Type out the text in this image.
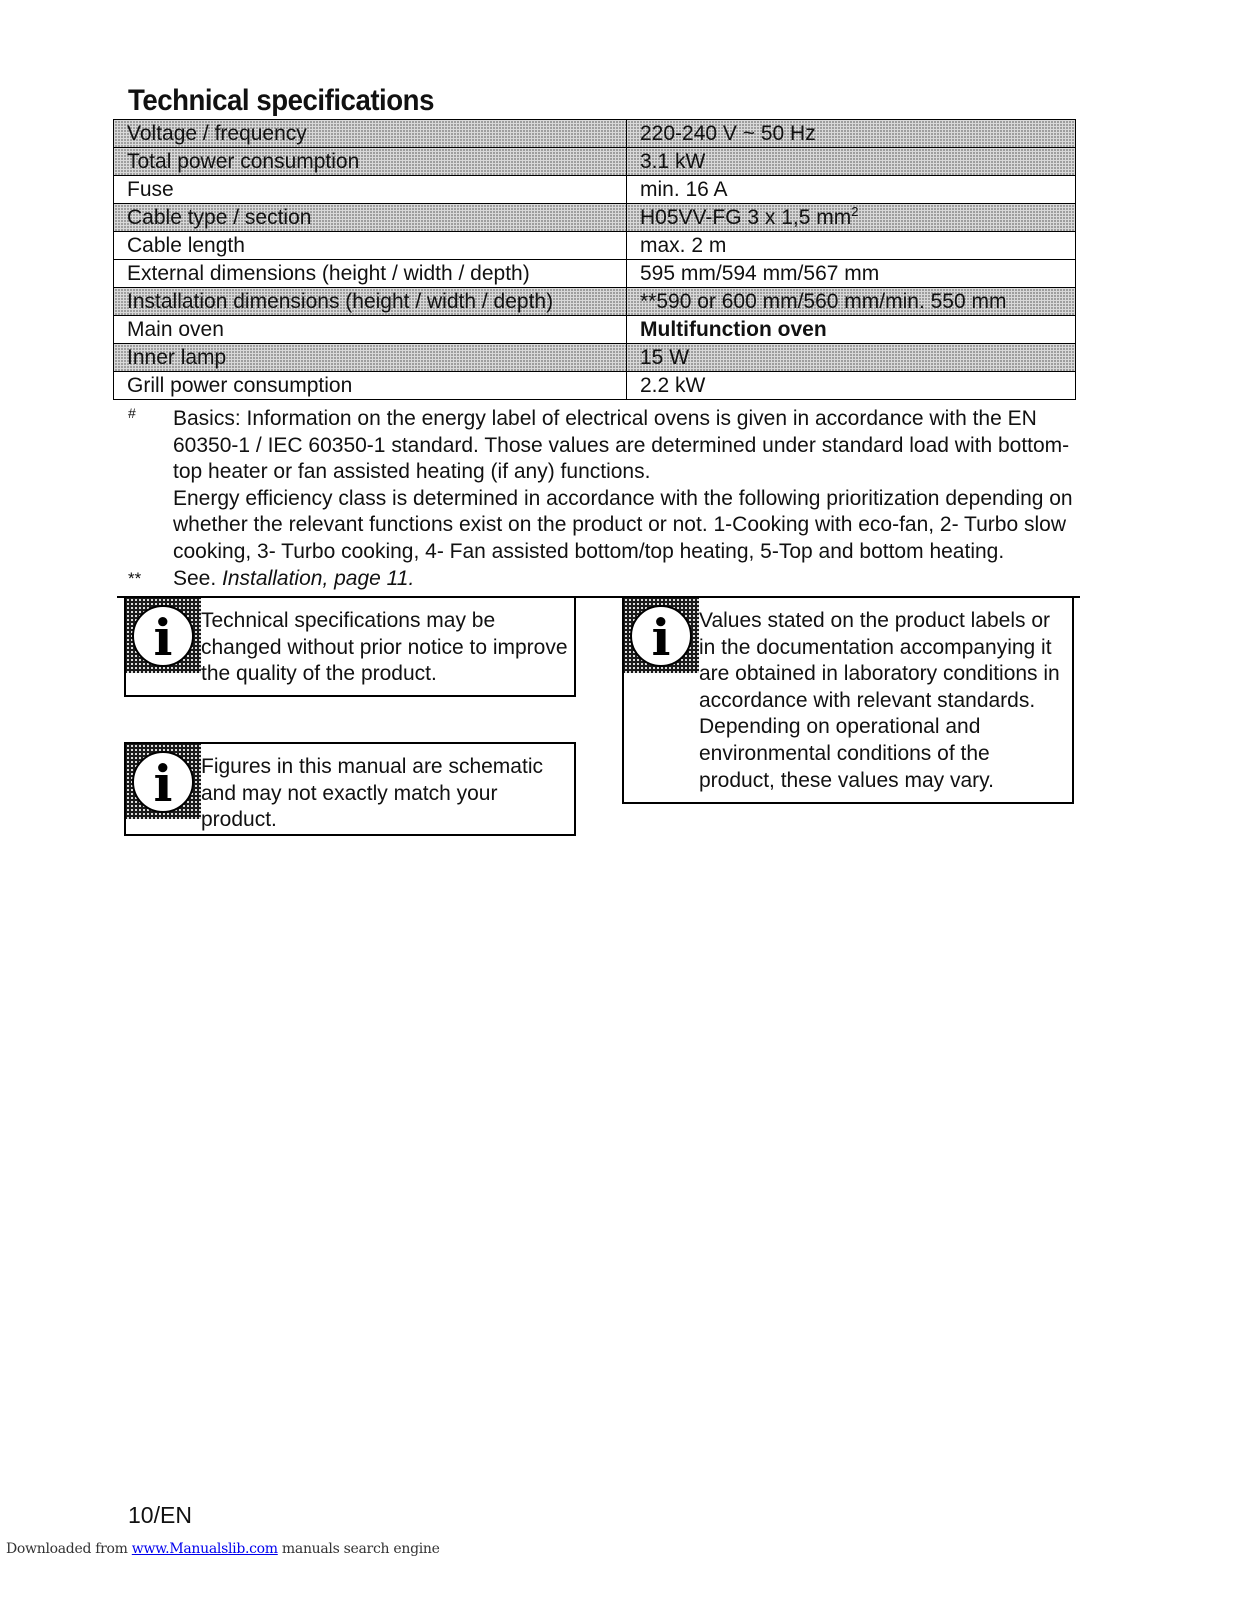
Technical specifications
Voltage / frequency	220-240 V ~ 50 Hz
Total power consumption	3.1 kW
Fuse	min. 16 A
Cable type / section	H05VV-FG 3 x 1,5 $mm^2$
Cable length	max. 2 m
External dimensions (height / width / depth)	595 mm/594 mm/567 mm
Installation dimensions (height / width / depth)	**590 or 600 mm/560 mm/min. 550 mm
Main oven	Multifunction oven
Inner lamp	15 W
Grill power consumption	2.2 kW
# Basics: Information on the energy label of electrical ovens is given in accordance with the EN 60350-1 / IEC 60350-1 standard. Those values are determined under standard load with bottom-top heater or fan assisted heating (if any) functions.

Energy efficiency class is determined in accordance with the following prioritization depending on whether the relevant functions exist on the product or not. 1-Cooking with eco-fan, 2- Turbo slow cooking, 3- Turbo cooking, 4- Fan assisted bottom/top heating, 5-Top and bottom heating.

** See. Installation, page 11.

i	Technical specifications may be changed without prior notice to improve the quality of the product.
i	Figures in this manual are schematic and may not exactly match your product.
i	Values stated on the product labels or in the documentation accompanying it are obtained in laboratory conditions in accordance with relevant standards. Depending on operational and environmental conditions of the product, these values may vary.
10/EN
Downloaded from www.Manualslib.com manuals search engine
